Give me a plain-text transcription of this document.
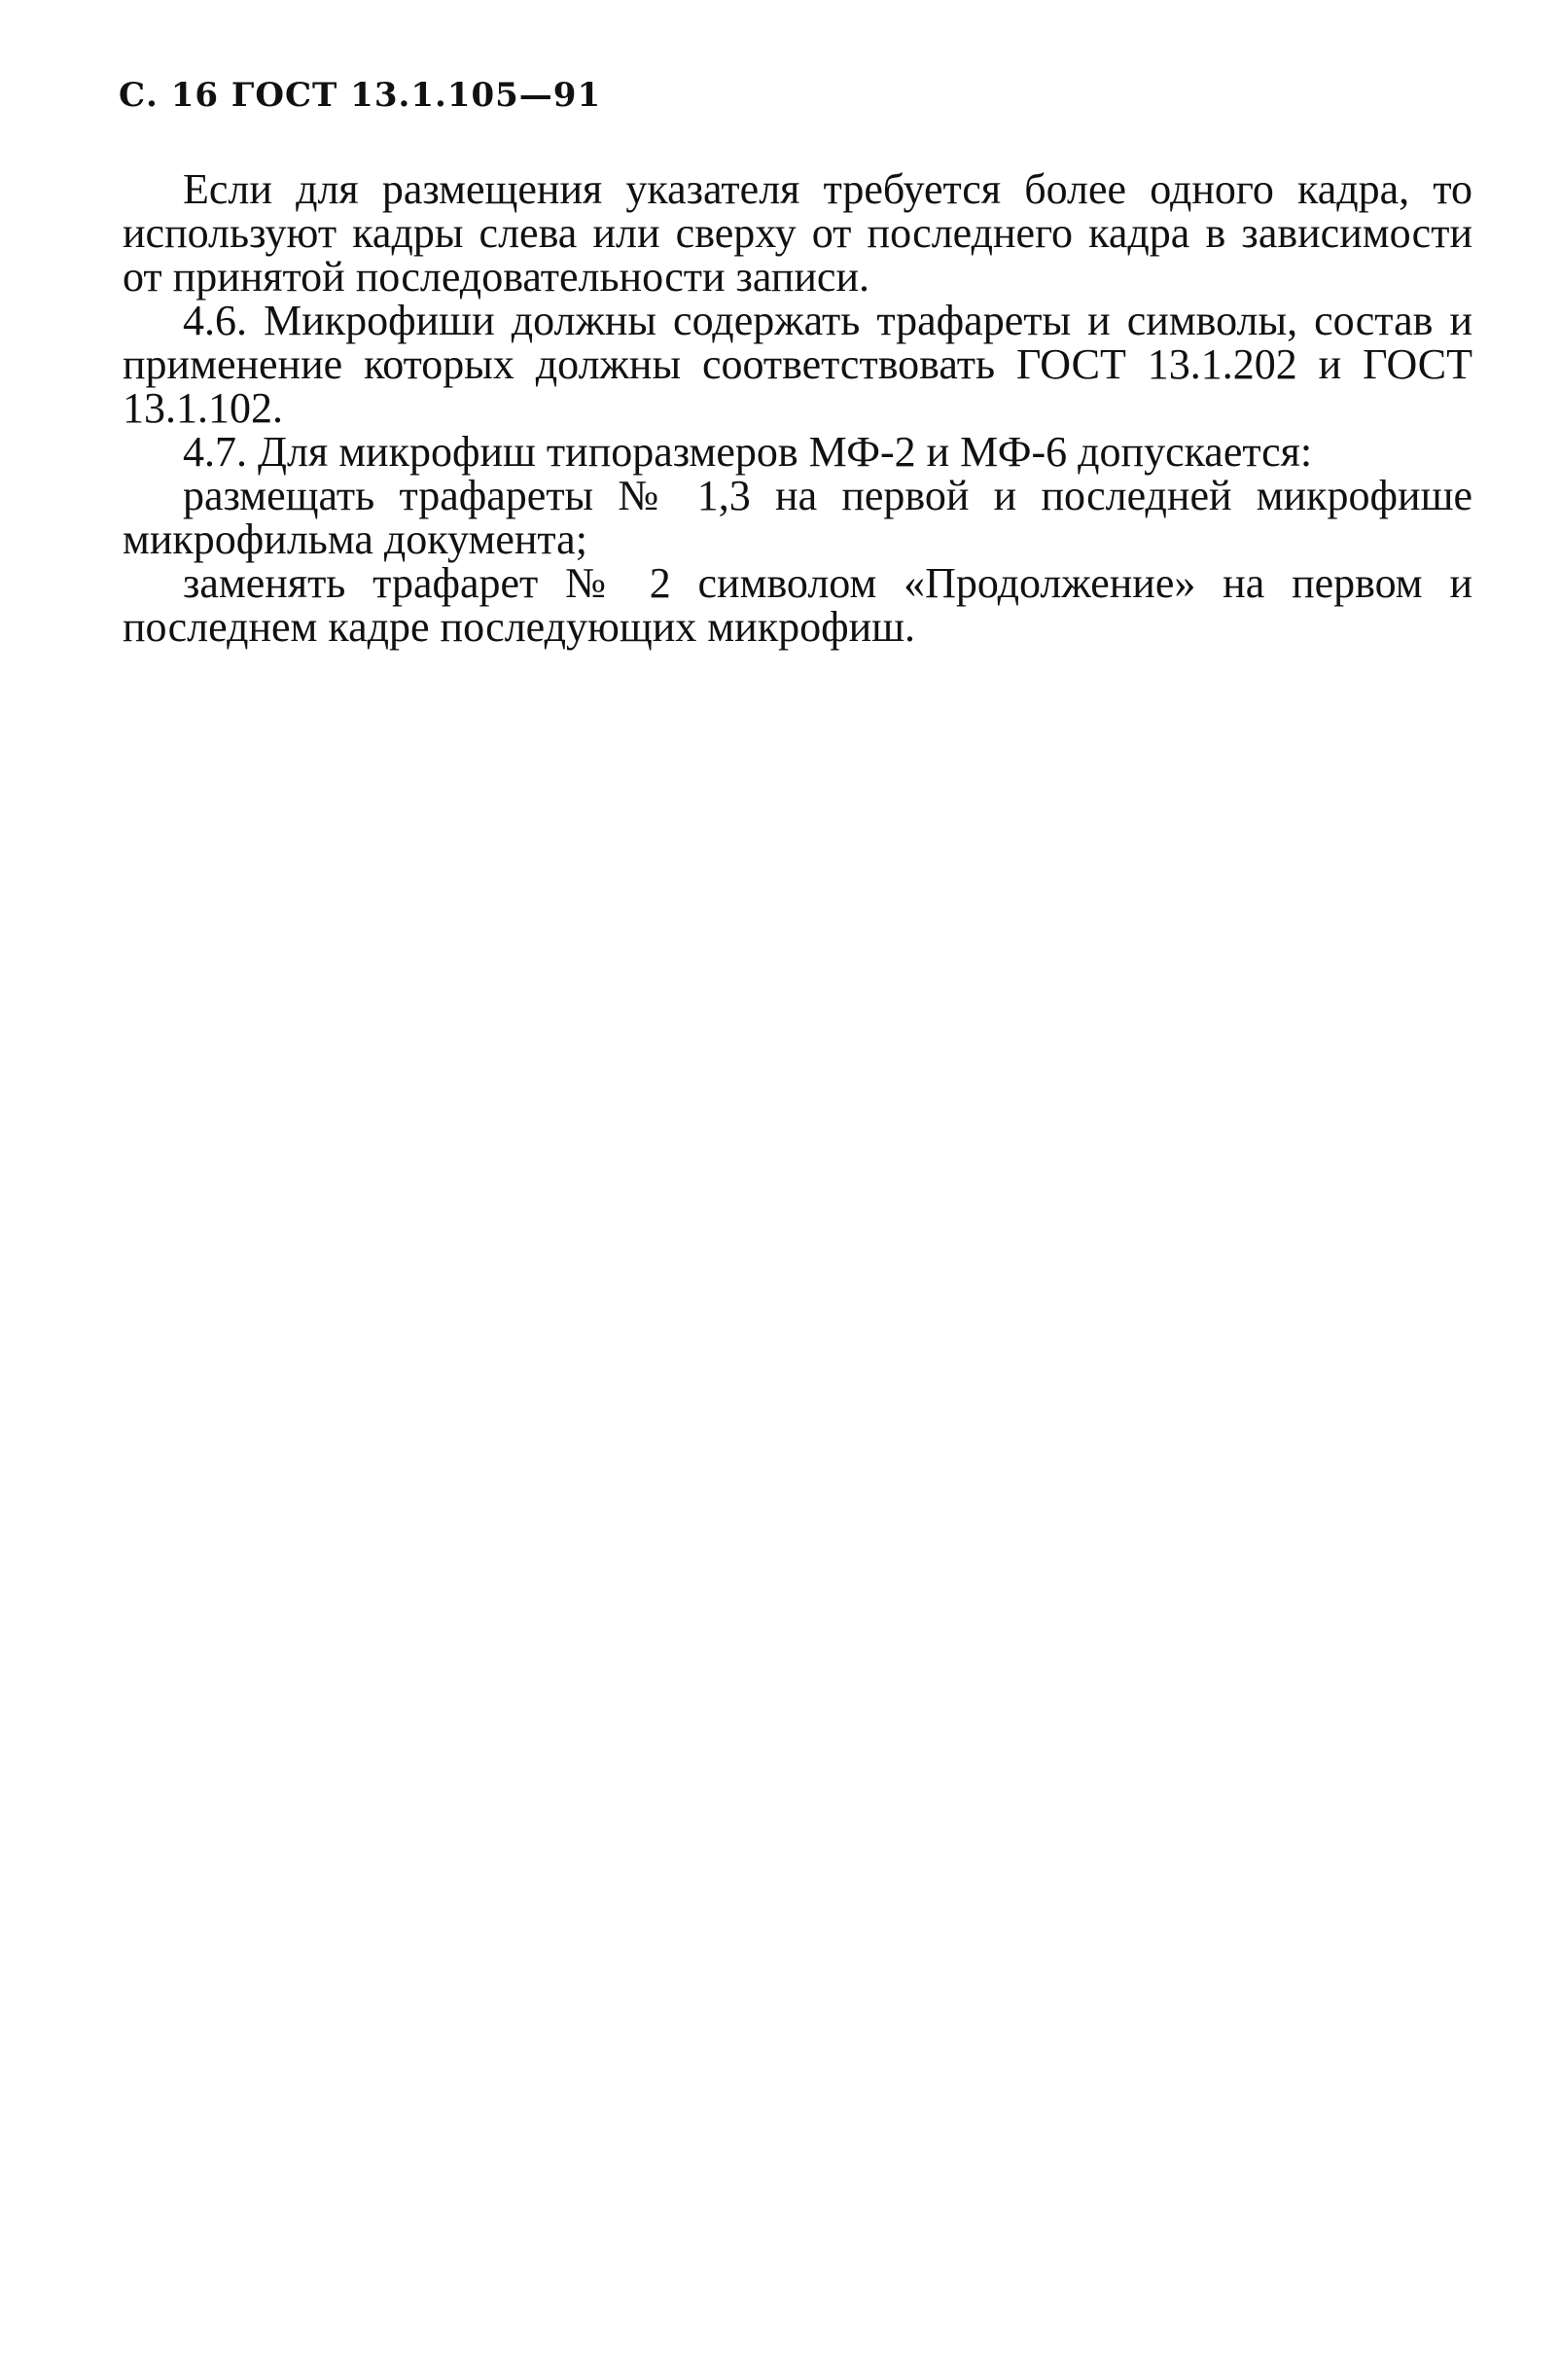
С. 16 ГОСТ 13.1.105—91

Если для размещения указателя требуется более одного кадра, то используют кадры слева или сверху от последнего кадра в зависимости от принятой последовательности записи.

4.6. Микрофиши должны содержать трафареты и символы, состав и применение которых должны соответствовать ГОСТ 13.1.202 и ГОСТ 13.1.102.

4.7. Для микрофиш типоразмеров МФ-2 и МФ-6 допускается:

размещать трафареты № 1,3 на первой и последней микрофише микрофильма документа;

заменять трафарет № 2 символом «Продолжение» на первом и последнем кадре последующих микрофиш.
